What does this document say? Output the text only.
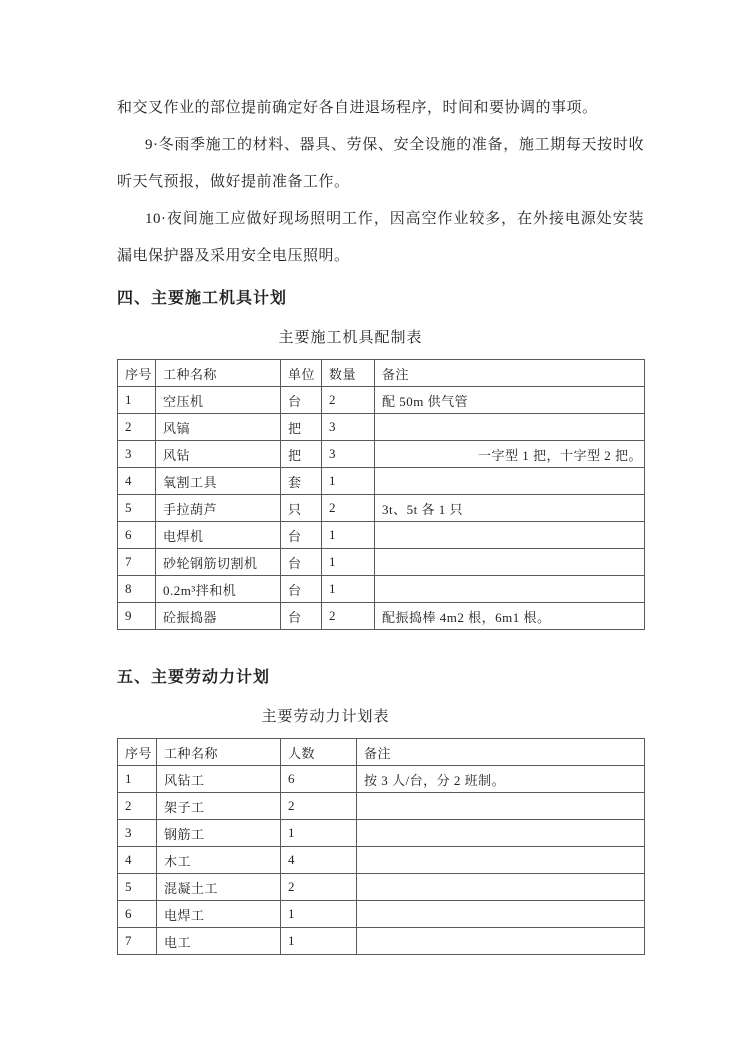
和交叉作业的部位提前确定好各自进退场程序，时间和要协调的事项。

9·冬雨季施工的材料、器具、劳保、安全设施的准备，施工期每天按时收听天气预报，做好提前准备工作。

10·夜间施工应做好现场照明工作，因高空作业较多，在外接电源处安装漏电保护器及采用安全电压照明。

四、主要施工机具计划
主要施工机具配制表
序号	工种名称	单位	数量	备注
1	空压机	台	2	配 50m 供气管
2	风镐	把	3	
3	风钻	把	3	一字型 1 把，十字型 2 把。
4	氧割工具	套	1	
5	手拉葫芦	只	2	3t、5t 各 1 只
6	电焊机	台	1	
7	砂轮钢筋切割机	台	1	
8	0.2m³拌和机	台	1	
9	砼振捣器	台	2	配振捣棒 4m2 根，6m1 根。
五、主要劳动力计划
主要劳动力计划表
序号	工种名称	人数	备注
1	风钻工	6	按 3 人/台，分 2 班制。
2	架子工	2	
3	钢筋工	1	
4	木工	4	
5	混凝土工	2	
6	电焊工	1	
7	电工	1	
